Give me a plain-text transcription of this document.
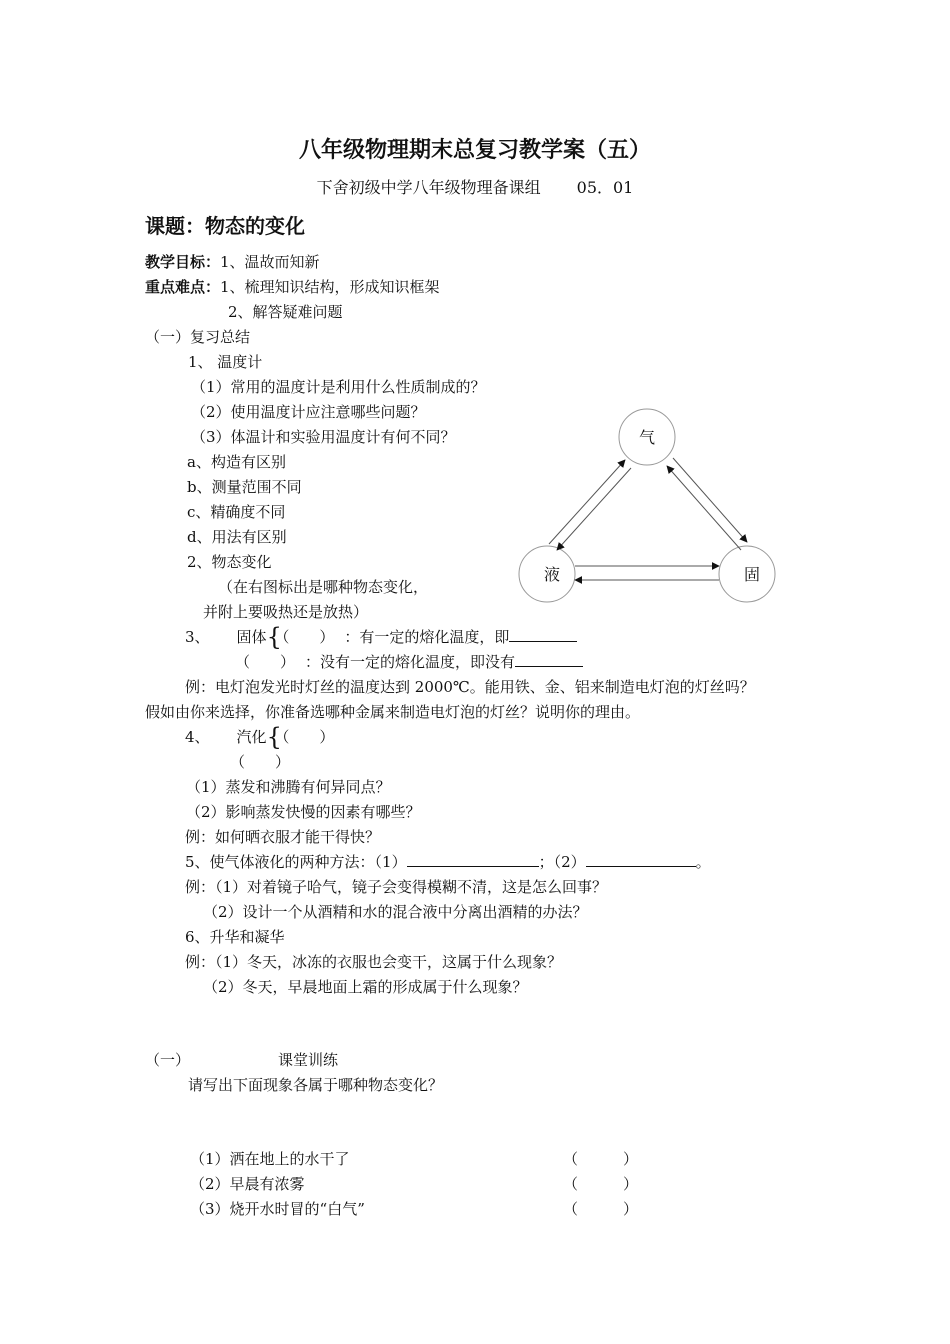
八年级物理期末总复习教学案（五）
下舍初级中学八年级物理备课组 05．01
课题：物态的变化
教学目标：1、温故而知新
重点难点：1、梳理知识结构，形成知识框架
2、解答疑难问题
（一）复习总结
1、 温度计
（1）常用的温度计是利用什么性质制成的？
（2）使用温度计应注意哪些问题？
（3）体温计和实验用温度计有何不同？
a、构造有区别
b、测量范围不同
c、精确度不同
d、用法有区别
2、物态变化
（在右图标出是哪种物态变化，
并附上要吸热还是放热）
3、 固体{（　　） ：有一定的熔化温度，即
（　　） ：没有一定的熔化温度，即没有
例：电灯泡发光时灯丝的温度达到 2000℃。能用铁、金、铝来制造电灯泡的灯丝吗？
假如由你来选择，你准备选哪种金属来制造电灯泡的灯丝？说明你的理由。
4、 汽化{（　　）
（　　）
（1）蒸发和沸腾有何异同点？
（2）影响蒸发快慢的因素有哪些？
例：如何晒衣服才能干得快？
5、使气体液化的两种方法：（1）	；（2）	。
例：（1）对着镜子哈气，镜子会变得模糊不清，这是怎么回事？
（2）设计一个从酒精和水的混合液中分离出酒精的办法？
6、升华和凝华
例：（1）冬天，冰冻的衣服也会变干，这属于什么现象？
（2）冬天，早晨地面上霜的形成属于什么现象？
气
液	固
（一）	课堂训练
请写出下面现象各属于哪种物态变化？
（1）洒在地上的水干了	（　　　）
（2）早晨有浓雾	（　　　）
（3）烧开水时冒的“白气”	（　　　）
